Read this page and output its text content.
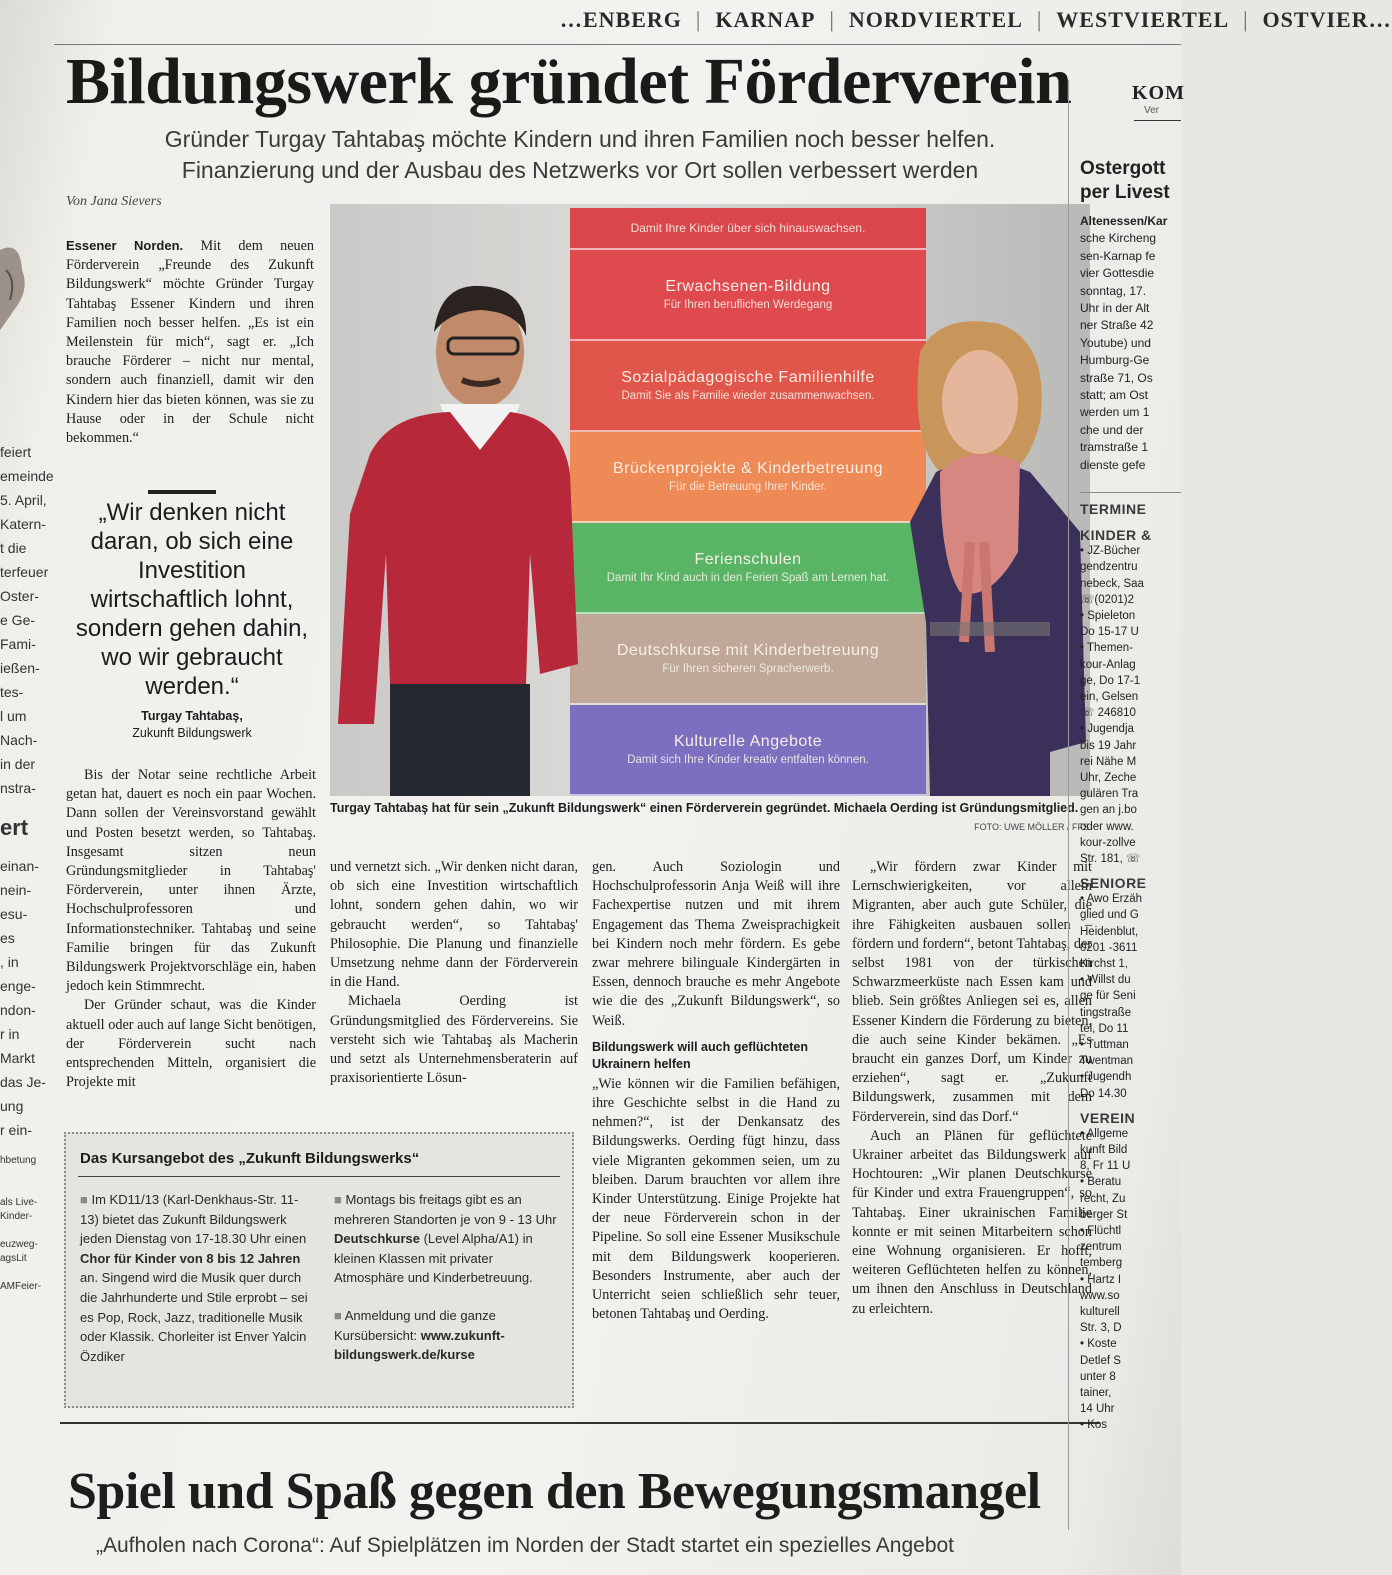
…ENBERG | KARNAP | NORDVIERTEL | WESTVIERTEL | OSTVIER…
feiert
emeinde
5. April,
Katern-
t die
terfeuer
Oster-
e Ge-
Fami-
ießen-
tes-
l um
Nach-
in der
nstra-
ert
einan-
nein-
esu-
es
, in
enge-
ndon-
r in
Markt
das Je-
ung
r ein-
hbetung

als Live-
Kinder-

euzweg-
agsLit

AMFeier-
Bildungswerk gründet Förderverein
Gründer Turgay Tahtabaş möchte Kindern und ihren Familien noch besser helfen.
Finanzierung und der Ausbau des Netzwerks vor Ort sollen verbessert werden
Von Jana Sievers
Essener Norden. Mit dem neuen Förderverein „Freunde des Zukunft Bildungswerk“ möchte Gründer Turgay Tahtabaş Essener Kindern und ihren Familien noch besser helfen. „Es ist ein Meilenstein für mich“, sagt er. „Ich brauche Förderer – nicht nur mental, sondern auch finanziell, damit wir den Kindern hier das bieten können, was sie zu Hause oder in der Schule nicht bekommen.“
„Wir denken nicht daran, ob sich eine Investition wirtschaftlich lohnt, sondern gehen dahin, wo wir gebraucht werden.“
Turgay Tahtabaş,
Zukunft Bildungswerk

Bis der Notar seine rechtliche Arbeit getan hat, dauert es noch ein paar Wochen. Dann sollen der Vereinsvorstand gewählt und Posten besetzt werden, so Tahtabaş. Insgesamt sitzen neun Gründungsmitglieder in Tahtabaş' Förderverein, unter ihnen Ärzte, Hochschulprofessoren und Informationstechniker. Tahtabaş und seine Familie bringen für das Zukunft Bildungswerk Projektvorschläge ein, haben jedoch kein Stimmrecht.

Der Gründer schaut, was die Kinder aktuell oder auch auf lange Sicht benötigen, der Förderverein sucht nach entsprechenden Mitteln, organisiert die Projekte mit

Damit Ihre Kinder über sich hinauswachsen.
Erwachsenen-Bildung
Für Ihren beruflichen Werdegang
Sozialpädagogische Familienhilfe
Damit Sie als Familie wieder zusammenwachsen.
Brückenprojekte & Kinderbetreuung
Für die Betreuung Ihrer Kinder.
Ferienschulen
Damit Ihr Kind auch in den Ferien Spaß am Lernen hat.
Deutschkurse mit Kinderbetreuung
Für Ihren sicheren Spracherwerb.
Kulturelle Angebote
Damit sich Ihre Kinder kreativ entfalten können.
Turgay Tahtabaş hat für sein „Zukunft Bildungswerk“ einen Förderverein gegründet. Michaela Oerding ist Gründungsmitglied.
FOTO: UWE MÖLLER / FFS

und vernetzt sich. „Wir denken nicht daran, ob sich eine Investition wirtschaftlich lohnt, sondern gehen dahin, wo wir gebraucht werden“, so Tahtabaş' Philosophie. Die Planung und finanzielle Umsetzung nehme dann der Förderverein in die Hand.

Michaela Oerding ist Gründungsmitglied des Fördervereins. Sie versteht sich wie Tahtabaş als Macherin und setzt als Unternehmensberaterin auf praxisorientierte Lösun-

gen. Auch Soziologin und Hochschulprofessorin Anja Weiß will ihre Fachexpertise nutzen und mit ihrem Engagement das Thema Zweisprachigkeit bei Kindern noch mehr fördern. Es gebe zwar mehrere bilinguale Kindergärten in Essen, dennoch brauche es mehr Angebote wie die des „Zukunft Bildungswerk“, so Weiß.

Bildungswerk will auch geflüchteten Ukrainern helfen

„Wie können wir die Familien befähigen, ihre Geschichte selbst in die Hand zu nehmen?“, ist der Denkansatz des Bildungswerks. Oerding fügt hinzu, dass viele Migranten gekommen seien, um zu bleiben. Darum brauchten vor allem ihre Kinder Unterstützung. Einige Projekte hat der neue Förderverein schon in der Pipeline. So soll eine Essener Musikschule mit dem Bildungswerk kooperieren. Besonders Instrumente, aber auch der Unterricht seien schließlich sehr teuer, betonen Tahtabaş und Oerding.

„Wir fördern zwar Kinder mit Lernschwierigkeiten, vor allem Migranten, aber auch gute Schüler, die ihre Fähigkeiten ausbauen sollen – fördern und fordern“, betont Tahtabaş, der selbst 1981 von der türkischen Schwarzmeerküste nach Essen kam und blieb. Sein größtes Anliegen sei es, allen Essener Kindern die Förderung zu bieten, die auch seine Kinder bekämen. „Es braucht ein ganzes Dorf, um Kinder zu erziehen“, sagt er. „Zukunft Bildungswerk, zusammen mit dem Förderverein, sind das Dorf.“

Auch an Plänen für geflüchtete Ukrainer arbeitet das Bildungswerk auf Hochtouren: „Wir planen Deutschkurse für Kinder und extra Frauengruppen“, so Tahtabaş. Einer ukrainischen Familie konnte er mit seinen Mitarbeitern schon eine Wohnung organisieren. Er hofft, weiteren Geflüchteten helfen zu können, um ihnen den Anschluss in Deutschland zu erleichtern.

Das Kursangebot des „Zukunft Bildungswerks“
■ Im KD11/13 (Karl-Denkhaus-Str. 11-13) bietet das Zukunft Bildungswerk jeden Dienstag von 17-18.30 Uhr einen Chor für Kinder von 8 bis 12 Jahren an. Singend wird die Musik quer durch die Jahrhunderte und Stile erprobt – sei es Pop, Rock, Jazz, traditionelle Musik oder Klassik. Chorleiter ist Enver Yalcin Özdiker
■ Montags bis freitags gibt es an mehreren Standorten je von 9 - 13 Uhr Deutschkurse (Level Alpha/A1) in kleinen Klassen mit privater Atmosphäre und Kinderbetreuung.
■ Anmeldung und die ganze Kursübersicht: www.zukunft-bildungswerk.de/kurse
Spiel und Spaß gegen den Bewegungsmangel
„Aufholen nach Corona“: Auf Spielplätzen im Norden der Stadt startet ein spezielles Angebot
KOM
Ver
Ostergott
per Livest
Altenessen/Kar
sche Kircheng
sen-Karnap fe
vier Gottesdie
sonntag, 17.
Uhr in der Alt
ner Straße 42
Youtube) und
Humburg-Ge
straße 71, Os
statt; am Ost
werden um 1
che und der
tramstraße 1
dienste gefe
TERMINE
KINDER &
• JZ-Bücher
gendzentru
nebeck, Saa
☏(0201)2
• Spieleton
Do 15-17 U
• Themen-
kour-Anlag
ge, Do 17-1
ein, Gelsen
☏ 246810
• Jugendja
bis 19 Jahr
rei Nähe M
Uhr, Zeche
gulären Tra
gen an j.bo
oder www.
kour-zollve
Str. 181, ☏
SENIORE
• Awo Erzäh
glied und G
Heidenblut,
0201 -3611
Kirchst 1,
• Willst du
ge für Seni
tingstraße
tel, Do 11
• Tuttman
Twentman
• Jugendh
Do 14.30
VEREIN
• Allgeme
kunft Bild
8, Fr 11 U
• Beratu
recht, Zu
berger St
• Flüchtl
zentrum
temberg
• Hartz I
www.so
kulturell
Str. 3, D
• Koste
Detlef S
unter 8
tainer,
14 Uhr
• Kos
